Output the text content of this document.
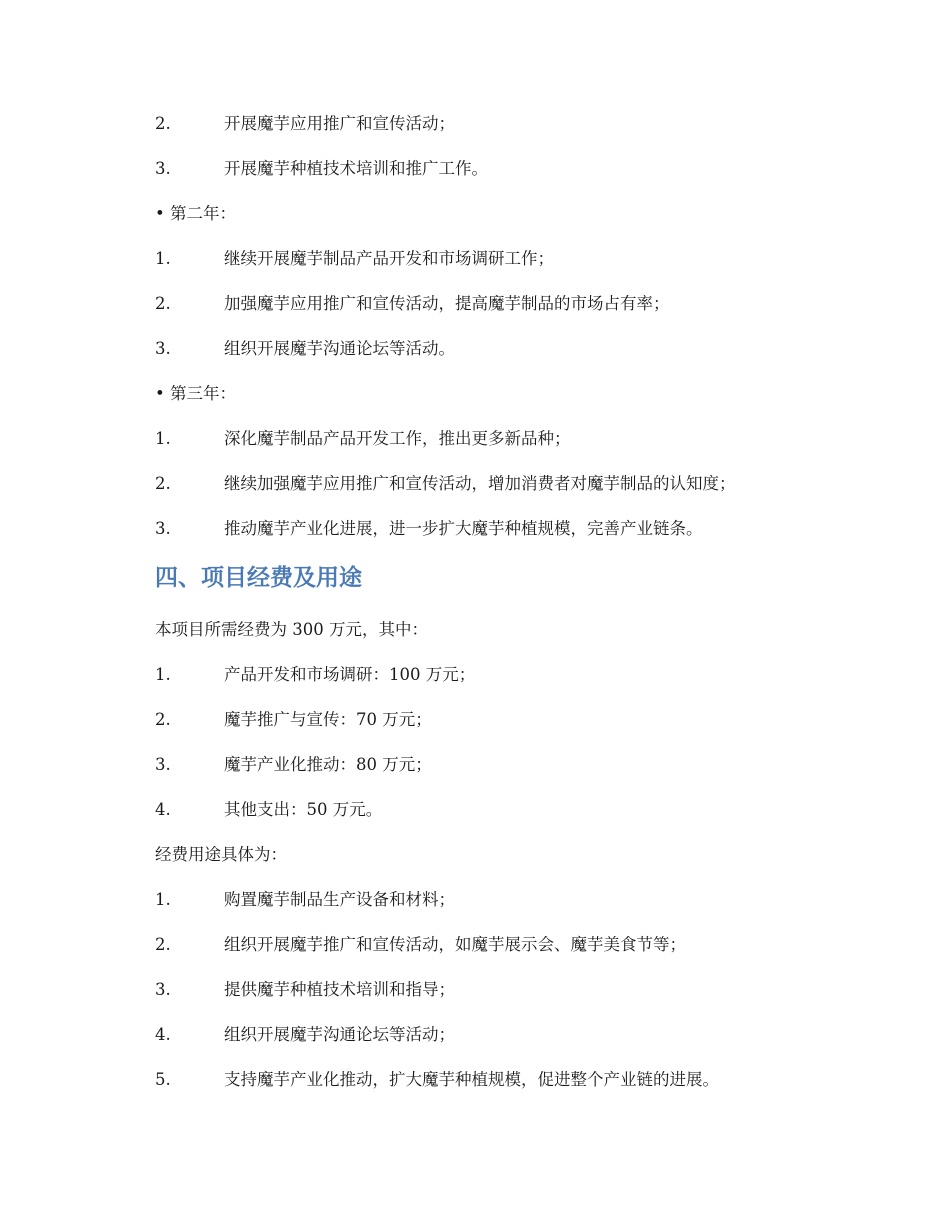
2.	开展魔芋应用推广和宣传活动；
3.	开展魔芋种植技术培训和推广工作。
• 第二年：
1.	继续开展魔芋制品产品开发和市场调研工作；
2.	加强魔芋应用推广和宣传活动，提高魔芋制品的市场占有率；
3.	组织开展魔芋沟通论坛等活动。
• 第三年：
1.	深化魔芋制品产品开发工作，推出更多新品种；
2.	继续加强魔芋应用推广和宣传活动，增加消费者对魔芋制品的认知度；
3.	推动魔芋产业化进展，进一步扩大魔芋种植规模，完善产业链条。
四、项目经费及用途
本项目所需经费为 300 万元，其中：
1.	产品开发和市场调研：100 万元；
2.	魔芋推广与宣传：70 万元；
3.	魔芋产业化推动：80 万元；
4.	其他支出：50 万元。
经费用途具体为：
1.	购置魔芋制品生产设备和材料；
2.	组织开展魔芋推广和宣传活动，如魔芋展示会、魔芋美食节等；
3.	提供魔芋种植技术培训和指导；
4.	组织开展魔芋沟通论坛等活动；
5.	支持魔芋产业化推动，扩大魔芋种植规模，促进整个产业链的进展。
